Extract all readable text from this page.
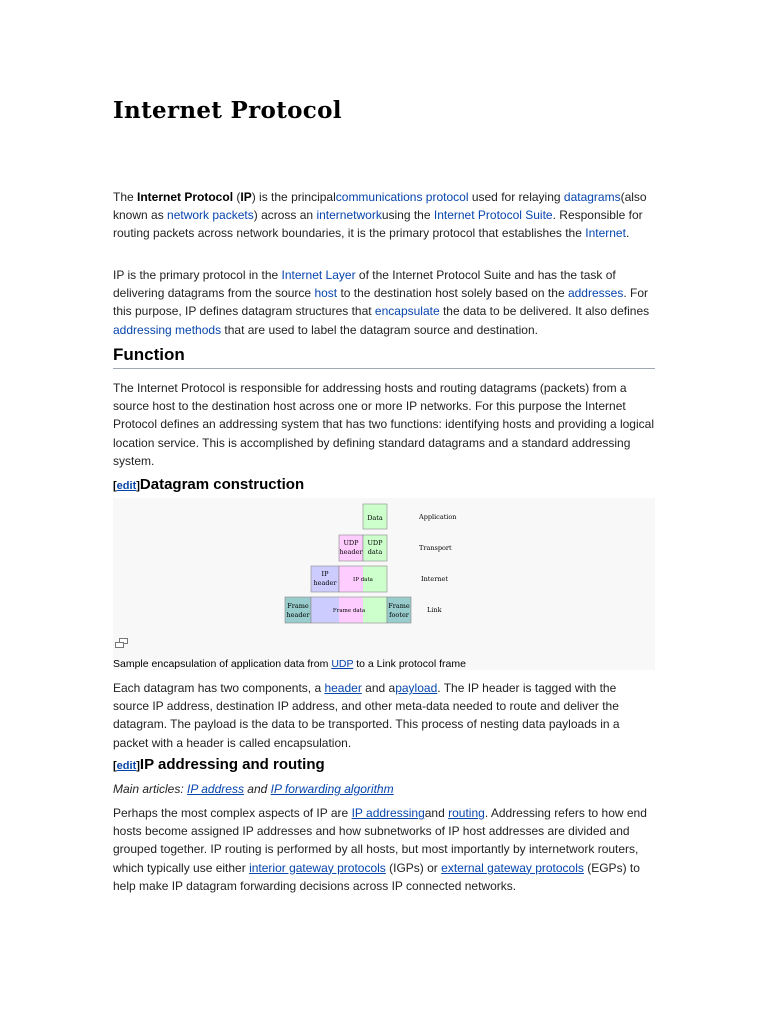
Internet Protocol

The Internet Protocol (IP) is the principalcommunications protocol used for relaying datagrams(also known as network packets) across an internetworkusing the Internet Protocol Suite. Responsible for routing packets across network boundaries, it is the primary protocol that establishes the Internet.

IP is the primary protocol in the Internet Layer of the Internet Protocol Suite and has the task of delivering datagrams from the source host to the destination host solely based on the addresses. For this purpose, IP defines datagram structures that encapsulate the data to be delivered. It also defines addressing methods that are used to label the datagram source and destination.

Function

The Internet Protocol is responsible for addressing hosts and routing datagrams (packets) from a source host to the destination host across one or more IP networks. For this purpose the Internet Protocol defines an addressing system that has two functions: identifying hosts and providing a logical location service. This is accomplished by defining standard datagrams and a standard addressing system.

[edit]Datagram construction
Data
UDP
header
UDP
data
IP
header	IP data
Frame
header	Frame data
Frame
footer
Application
Transport
Internet
Link
Sample encapsulation of application data from UDP to a Link protocol frame

Each datagram has two components, a header and apayload. The IP header is tagged with the source IP address, destination IP address, and other meta-data needed to route and deliver the datagram. The payload is the data to be transported. This process of nesting data payloads in a packet with a header is called encapsulation.

[edit]IP addressing and routing
Main articles: IP address and IP forwarding algorithm

Perhaps the most complex aspects of IP are IP addressingand routing. Addressing refers to how end hosts become assigned IP addresses and how subnetworks of IP host addresses are divided and grouped together. IP routing is performed by all hosts, but most importantly by internetwork routers, which typically use either interior gateway protocols (IGPs) or external gateway protocols (EGPs) to help make IP datagram forwarding decisions across IP connected networks.
